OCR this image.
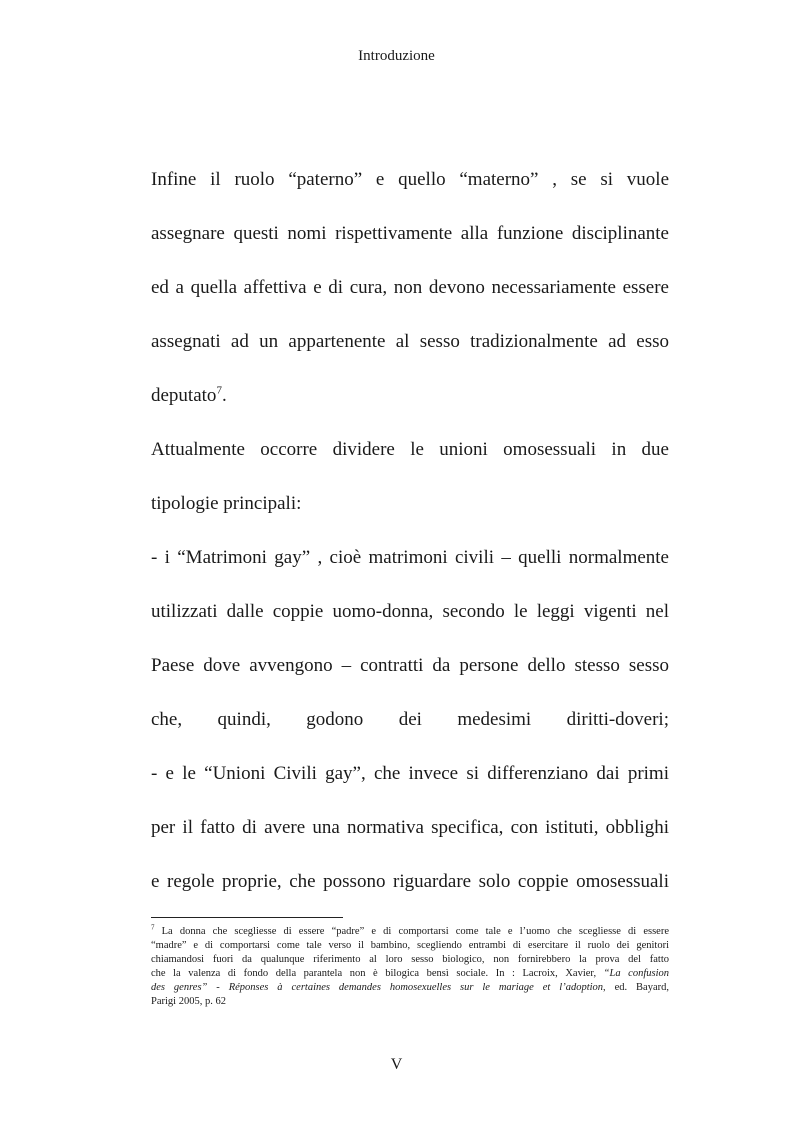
Introduzione
Infine il ruolo “paterno” e quello “materno” , se si vuole
assegnare questi nomi rispettivamente alla funzione disciplinante
ed a quella affettiva e di cura, non devono necessariamente essere
assegnati ad un appartenente al sesso tradizionalmente ad esso
deputato$^7$.
Attualmente occorre dividere le unioni omosessuali in due
tipologie principali:
- i “Matrimoni gay” , cioè matrimoni civili – quelli normalmente
utilizzati dalle coppie uomo-donna, secondo le leggi vigenti nel
Paese dove avvengono – contratti da persone dello stesso sesso
che, quindi, godono dei medesimi diritti-doveri;
- e le “Unioni Civili gay”, che invece si differenziano dai primi
per il fatto di avere una normativa specifica, con istituti, obblighi
e regole proprie, che possono riguardare solo coppie omosessuali
$^7$ La donna che scegliesse di essere “padre” e di comportarsi come tale e l’uomo che scegliesse di essere
“madre” e di comportarsi come tale verso il bambino, scegliendo entrambi di esercitare il ruolo dei genitori
chiamandosi fuori da qualunque riferimento al loro sesso biologico, non fornirebbero la prova del fatto
che la valenza di fondo della parantela non è bilogica bensì sociale. In : Lacroix, Xavier, “La confusion
des genres” - Réponses à certaines demandes homosexuelles sur le mariage et l’adoption, ed. Bayard,
Parigi 2005, p. 62
V
